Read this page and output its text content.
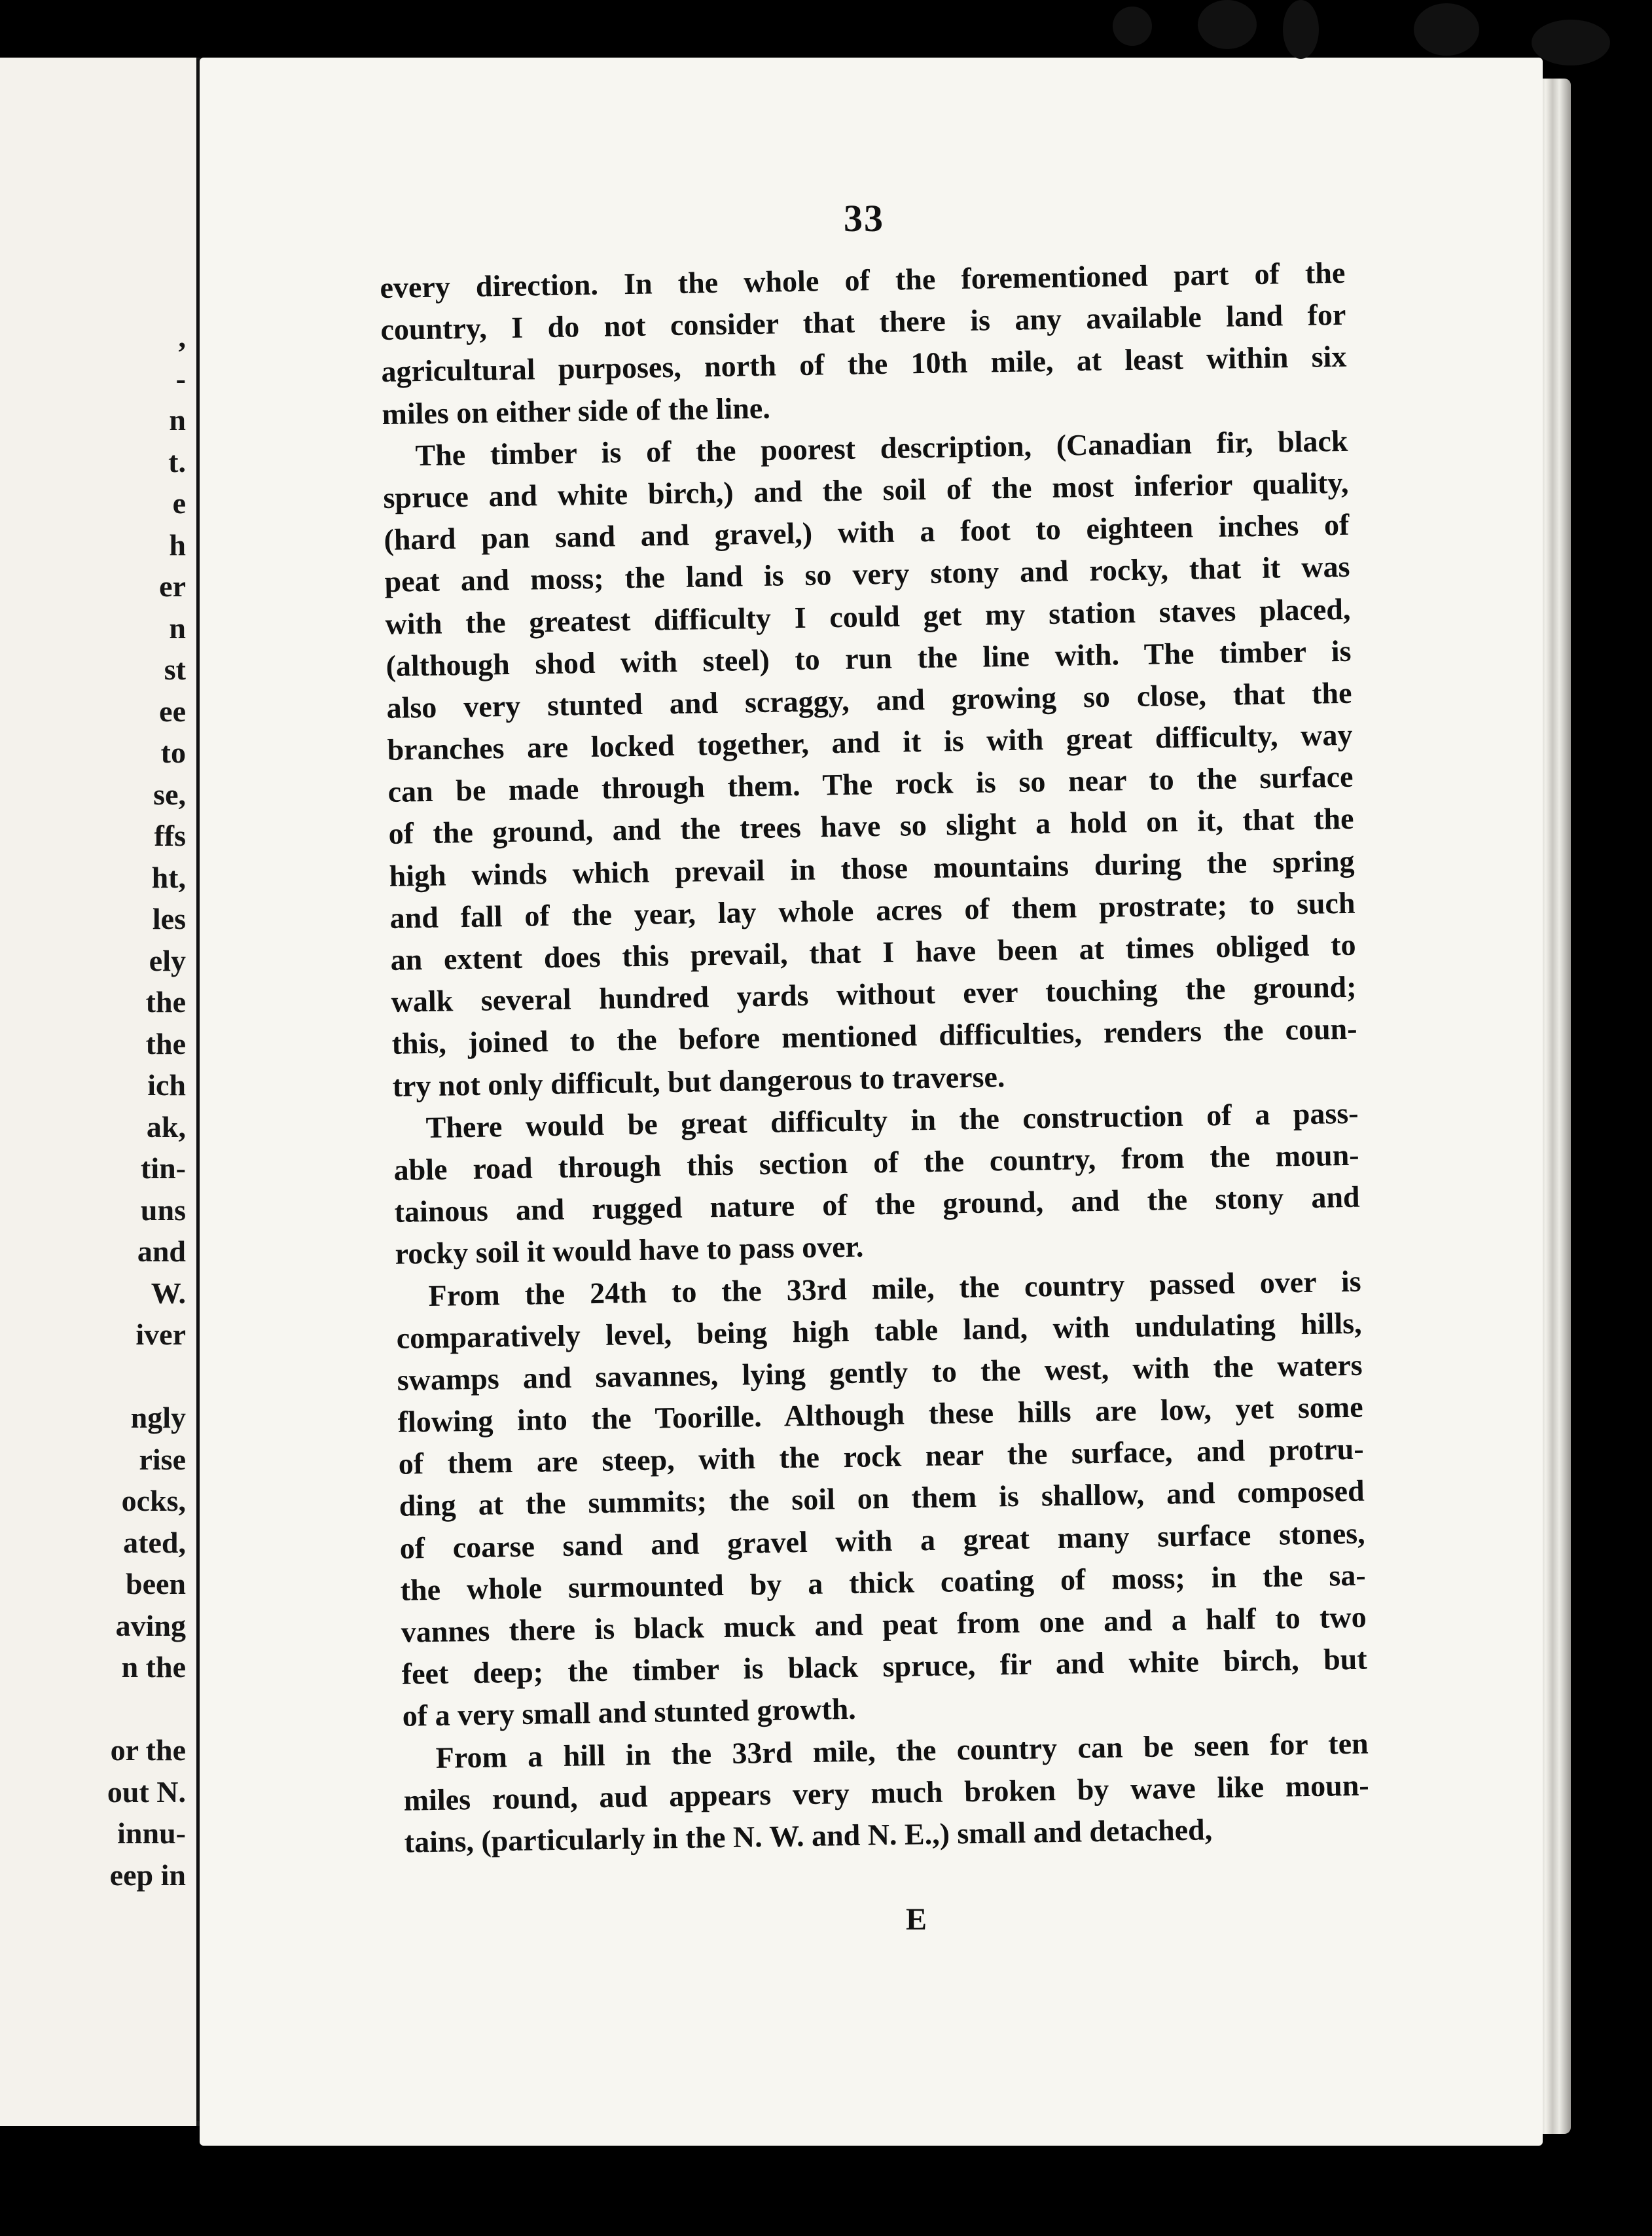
,
-
n
t.
e
h
er
n
st
ee
to
se,
ffs
ht,
les
ely
the
the
ich
ak,
tin-
uns
and
W.
iver
ngly
rise
ocks,
ated,
been
aving
n the
or the
out N.
innu-
eep in
33

every direction. In the whole of the forementioned part of the
country, I do not consider that there is any available land for
agricultural purposes, north of the 10th mile, at least within six
miles on either side of the line.

The timber is of the poorest description, (Canadian fir, black
spruce and white birch,) and the soil of the most inferior quality,
(hard pan sand and gravel,) with a foot to eighteen inches of
peat and moss; the land is so very stony and rocky, that it was
with the greatest difficulty I could get my station staves placed,
(although shod with steel) to run the line with. The timber is
also very stunted and scraggy, and growing so close, that the
branches are locked together, and it is with great difficulty, way
can be made through them. The rock is so near to the surface
of the ground, and the trees have so slight a hold on it, that the
high winds which prevail in those mountains during the spring
and fall of the year, lay whole acres of them prostrate; to such
an extent does this prevail, that I have been at times obliged to
walk several hundred yards without ever touching the ground;
this, joined to the before mentioned difficulties, renders the coun-
try not only difficult, but dangerous to traverse.

There would be great difficulty in the construction of a pass-
able road through this section of the country, from the moun-
tainous and rugged nature of the ground, and the stony and
rocky soil it would have to pass over.

From the 24th to the 33rd mile, the country passed over is
comparatively level, being high table land, with undulating hills,
swamps and savannes, lying gently to the west, with the waters
flowing into the Toorille. Although these hills are low, yet some
of them are steep, with the rock near the surface, and protru-
ding at the summits; the soil on them is shallow, and composed
of coarse sand and gravel with a great many surface stones,
the whole surmounted by a thick coating of moss; in the sa-
vannes there is black muck and peat from one and a half to two
feet deep; the timber is black spruce, fir and white birch, but
of a very small and stunted growth.

From a hill in the 33rd mile, the country can be seen for ten
miles round, aud appears very much broken by wave like moun-
tains, (particularly in the N. W. and N. E.,) small and detached,

E
